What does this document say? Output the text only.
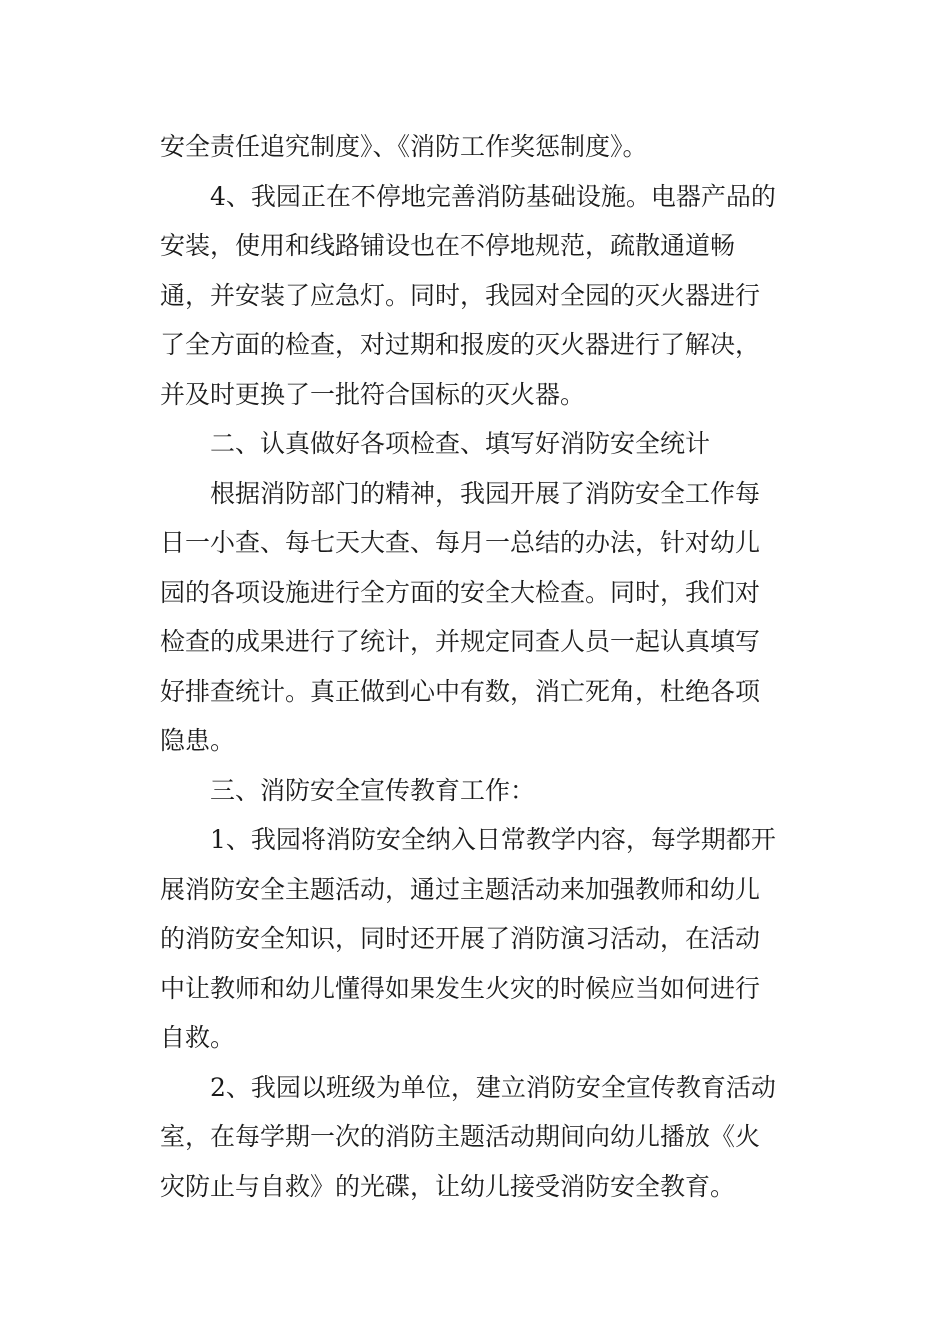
安全责任追究制度》、《消防工作奖惩制度》。
4、我园正在不停地完善消防基础设施。电器产品的
安装，使用和线路铺设也在不停地规范，疏散通道畅
通，并安装了应急灯。同时，我园对全园的灭火器进行
了全方面的检查，对过期和报废的灭火器进行了解决，
并及时更换了一批符合国标的灭火器。
二、认真做好各项检查、填写好消防安全统计
根据消防部门的精神，我园开展了消防安全工作每
日一小查、每七天大查、每月一总结的办法，针对幼儿
园的各项设施进行全方面的安全大检查。同时，我们对
检查的成果进行了统计，并规定同查人员一起认真填写
好排查统计。真正做到心中有数，消亡死角，杜绝各项
隐患。
三、消防安全宣传教育工作：
1、我园将消防安全纳入日常教学内容，每学期都开
展消防安全主题活动，通过主题活动来加强教师和幼儿
的消防安全知识，同时还开展了消防演习活动，在活动
中让教师和幼儿懂得如果发生火灾的时候应当如何进行
自救。
2、我园以班级为单位，建立消防安全宣传教育活动
室，在每学期一次的消防主题活动期间向幼儿播放《火
灾防止与自救》的光碟，让幼儿接受消防安全教育。
